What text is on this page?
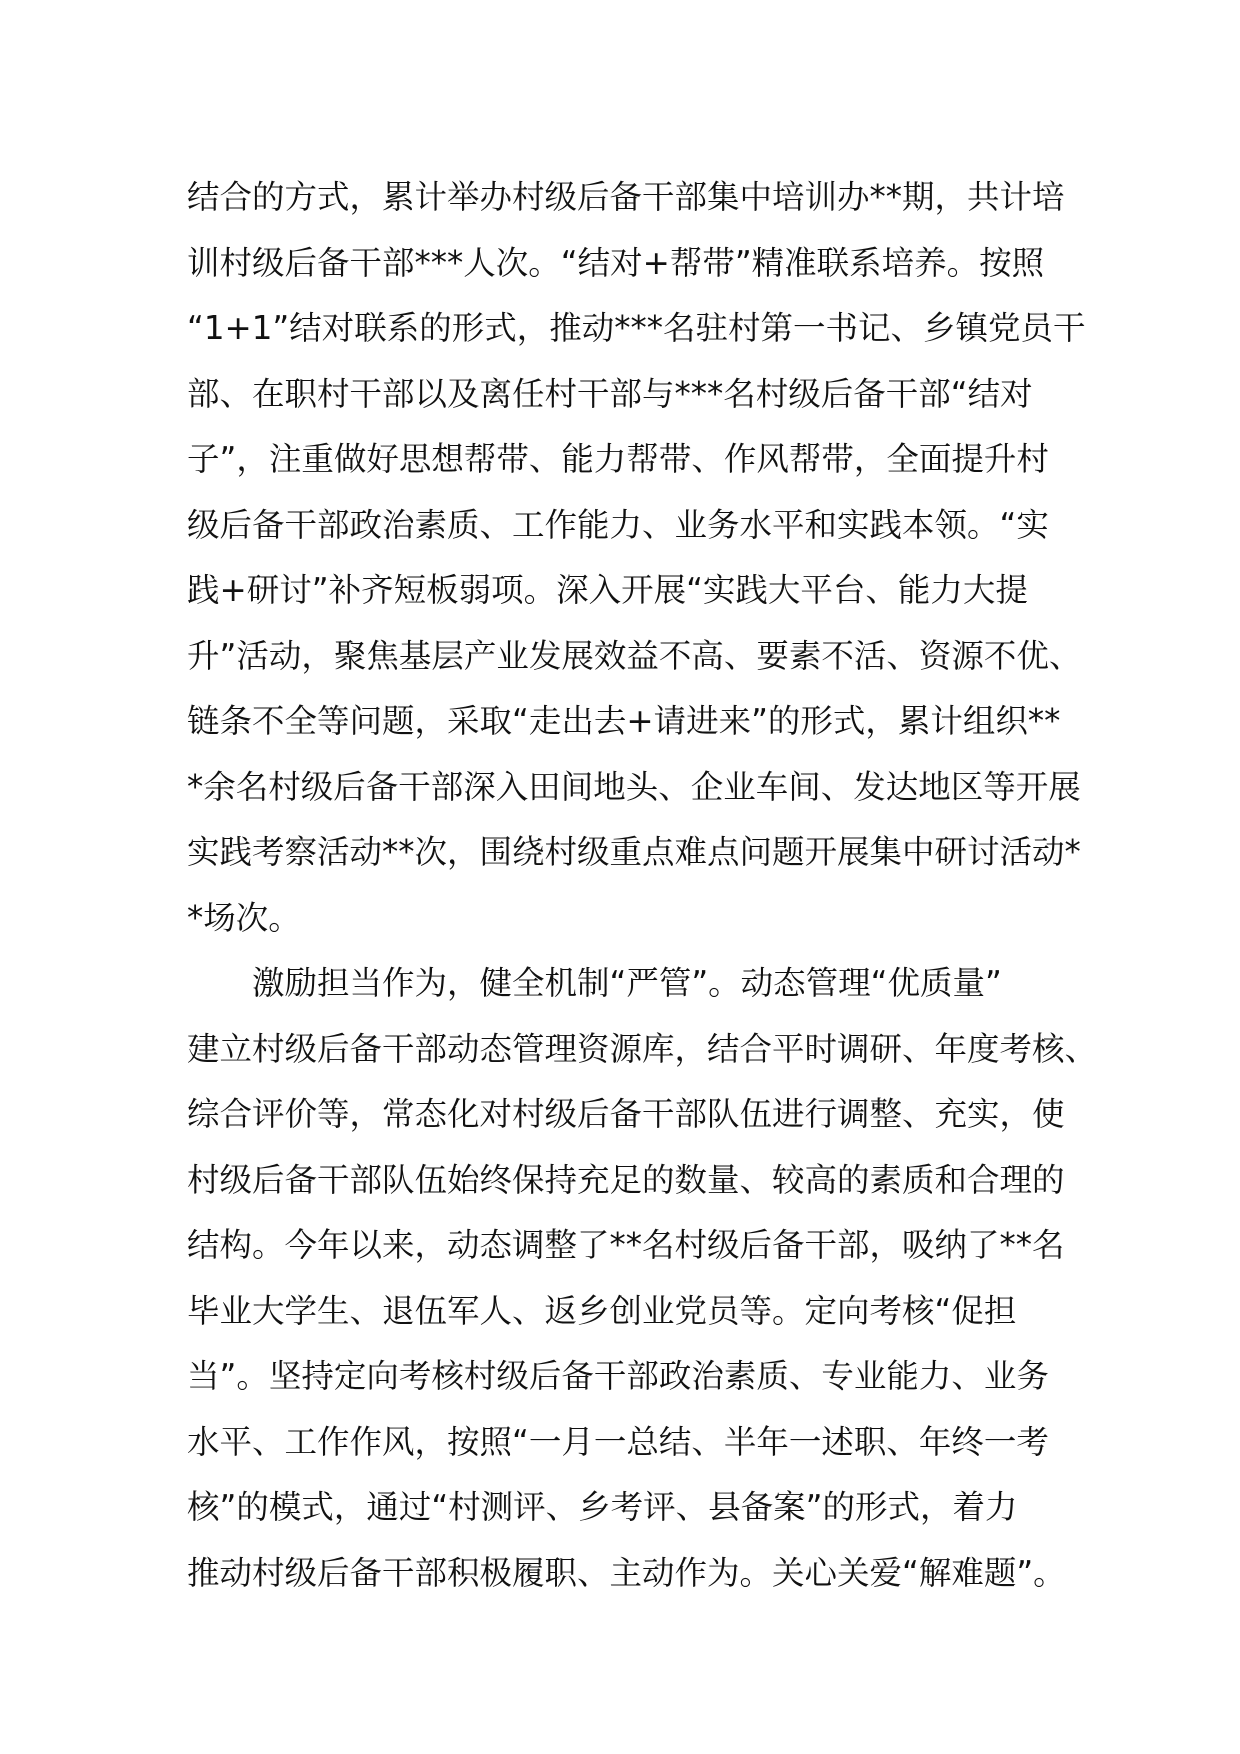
结合的方式，累计举办村级后备干部集中培训办**期，共计培
训村级后备干部***人次。“结对+帮带”精准联系培养。按照
“1+1”结对联系的形式，推动***名驻村第一书记、乡镇党员干
部、在职村干部以及离任村干部与***名村级后备干部“结对
子”，注重做好思想帮带、能力帮带、作风帮带，全面提升村
级后备干部政治素质、工作能力、业务水平和实践本领。“实
践+研讨”补齐短板弱项。深入开展“实践大平台、能力大提
升”活动，聚焦基层产业发展效益不高、要素不活、资源不优、
链条不全等问题，采取“走出去+请进来”的形式，累计组织**
*余名村级后备干部深入田间地头、企业车间、发达地区等开展
实践考察活动**次，围绕村级重点难点问题开展集中研讨活动*
*场次。
激励担当作为，健全机制“严管”。动态管理“优质量”
建立村级后备干部动态管理资源库，结合平时调研、年度考核、
综合评价等，常态化对村级后备干部队伍进行调整、充实，使
村级后备干部队伍始终保持充足的数量、较高的素质和合理的
结构。今年以来，动态调整了**名村级后备干部，吸纳了**名
毕业大学生、退伍军人、返乡创业党员等。定向考核“促担
当”。坚持定向考核村级后备干部政治素质、专业能力、业务
水平、工作作风，按照“一月一总结、半年一述职、年终一考
核”的模式，通过“村测评、乡考评、县备案”的形式，着力
推动村级后备干部积极履职、主动作为。关心关爱“解难题”。
